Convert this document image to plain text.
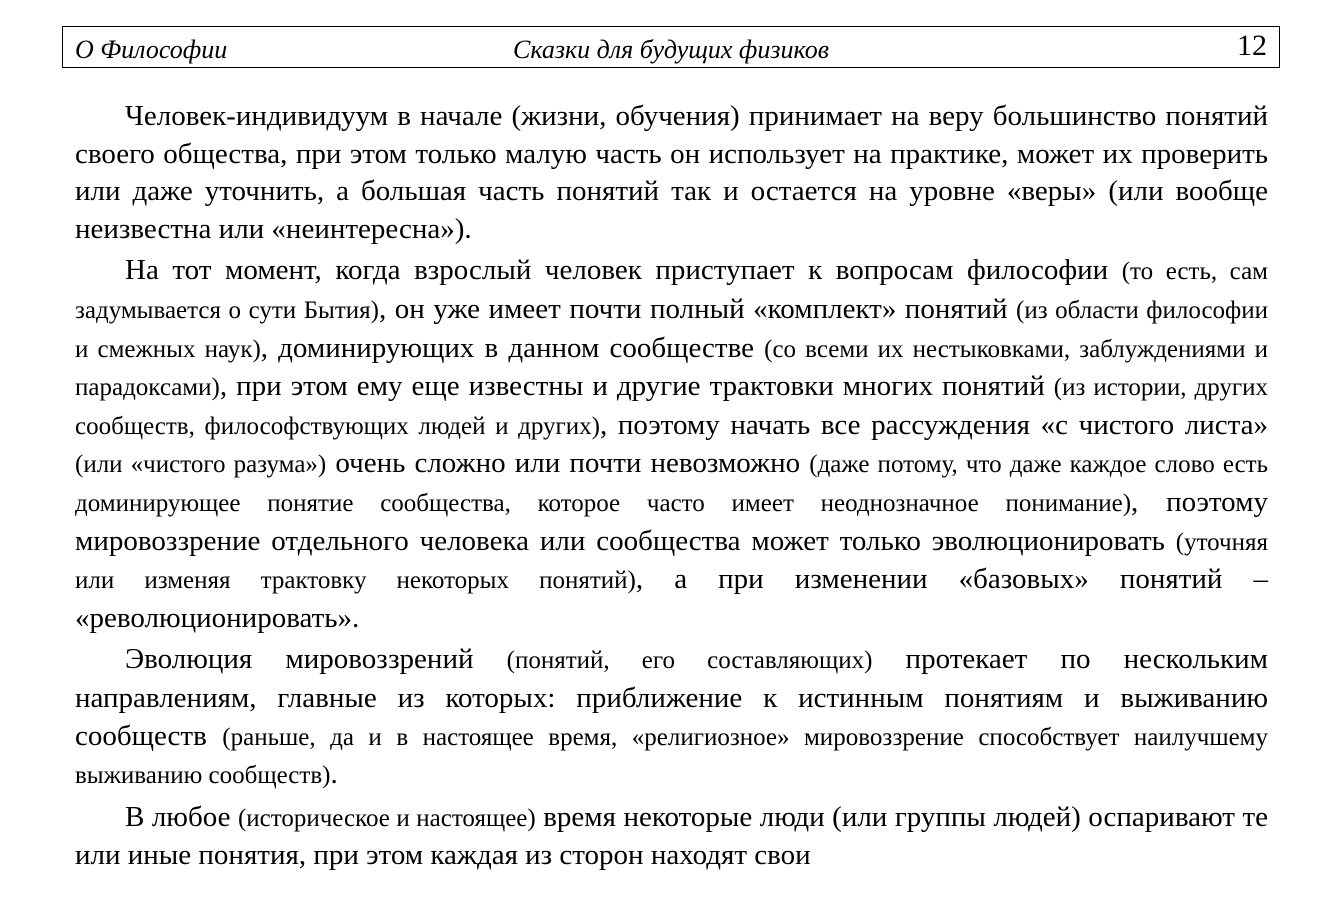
О Философии	Сказки для будущих физиков	12

Человек-индивидуум в начале (жизни, обучения) принимает на веру большинство понятий своего общества, при этом только малую часть он использует на практике, может их проверить или даже уточнить, а большая часть понятий так и остается на уровне «веры» (или вообще неизвестна или «неинтересна»).

На тот момент, когда взрослый человек приступает к вопросам философии (то есть, сам задумывается о сути Бытия), он уже имеет почти полный «комплект» понятий (из области философии и смежных наук), доминирующих в данном сообществе (со всеми их нестыковками, заблуждениями и парадоксами), при этом ему еще известны и другие трактовки многих понятий (из истории, других сообществ, философствующих людей и других), поэтому начать все рассуждения «с чистого листа» (или «чистого разума») очень сложно или почти невозможно (даже потому, что даже каждое слово есть доминирующее понятие сообщества, которое часто имеет неоднозначное понимание), поэтому мировоззрение отдельного человека или сообщества может только эволюционировать (уточняя или изменяя трактовку некоторых понятий), а при изменении «базовых» понятий – «революционировать».

Эволюция мировоззрений (понятий, его составляющих) протекает по нескольким направлениям, главные из которых: приближение к истинным понятиям и выживанию сообществ (раньше, да и в настоящее время, «религиозное» мировоззрение способствует наилучшему выживанию сообществ).

В любое (историческое и настоящее) время некоторые люди (или группы людей) оспаривают те или иные понятия, при этом каждая из сторон находят свои
